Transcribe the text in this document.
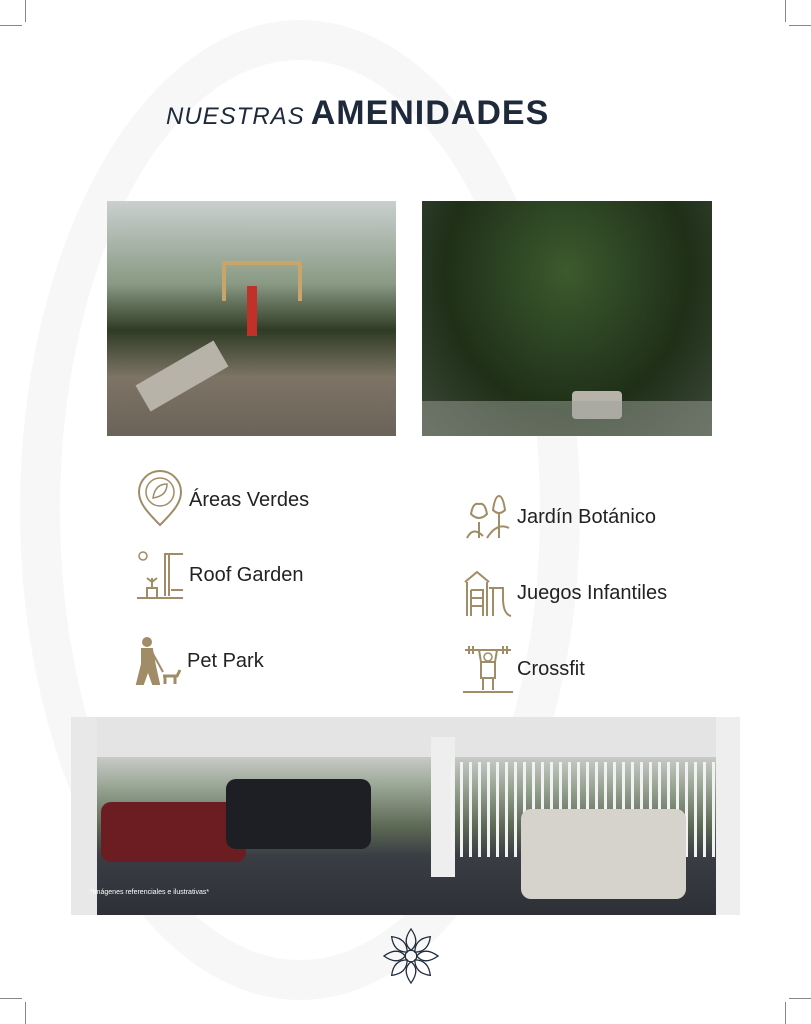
NUESTRAS AMENIDADES
Áreas Verdes
Jardín Botánico
Roof Garden
Juegos Infantiles
Pet Park	Crossfit
*Imágenes referenciales e ilustrativas*
